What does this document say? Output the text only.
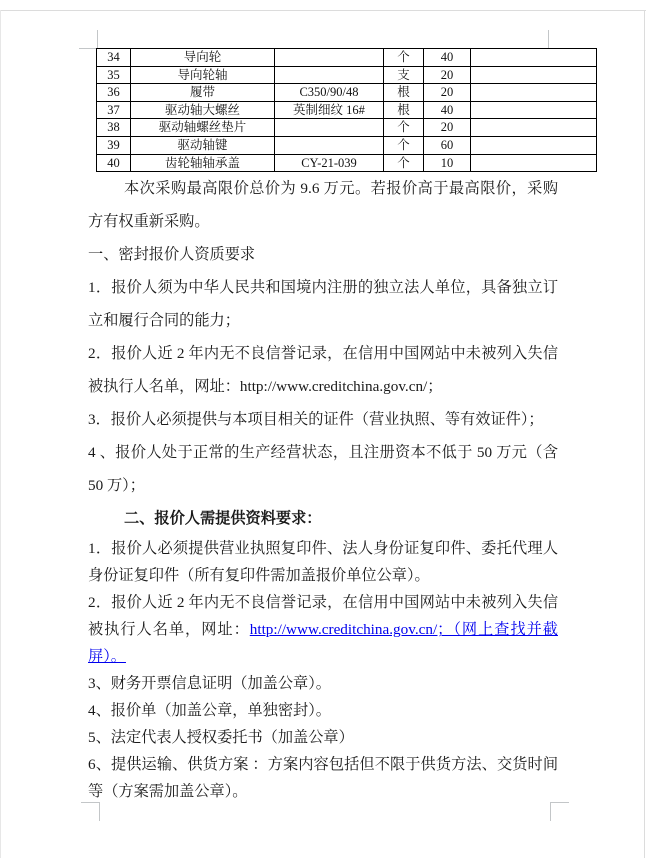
34	导向轮		个	40	
35	导向轮轴		支	20	
36	履带	C350/90/48	根	20	
37	驱动轴大螺丝	英制细纹 16#	根	40	
38	驱动轴螺丝垫片		个	20	
39	驱动轴键		个	60	
40	齿轮轴轴承盖	CY-21-039	个	10	

本次采购最高限价总价为 9.6 万元。若报价高于最高限价，采购方有权重新采购。

一、密封报价人资质要求

1．报价人须为中华人民共和国境内注册的独立法人单位，具备独立订立和履行合同的能力；

2．报价人近 2 年内无不良信誉记录，在信用中国网站中未被列入失信被执行人名单，网址：http://www.creditchina.gov.cn/；

3．报价人必须提供与本项目相关的证件（营业执照、等有效证件）；

4 、报价人处于正常的生产经营状态，且注册资本不低于 50 万元（含 50 万）；

二、报价人需提供资料要求：

1．报价人必须提供营业执照复印件、法人身份证复印件、委托代理人身份证复印件（所有复印件需加盖报价单位公章）。

2．报价人近 2 年内无不良信誉记录，在信用中国网站中未被列入失信被执行人名单，网址：http://www.creditchina.gov.cn/；（网上查找并截屏）。

3、财务开票信息证明（加盖公章）。

4、报价单（加盖公章，单独密封）。

5、法定代表人授权委托书（加盖公章）

6、提供运输、供货方案 ：方案内容包括但不限于供货方法、交货时间等（方案需加盖公章）。
